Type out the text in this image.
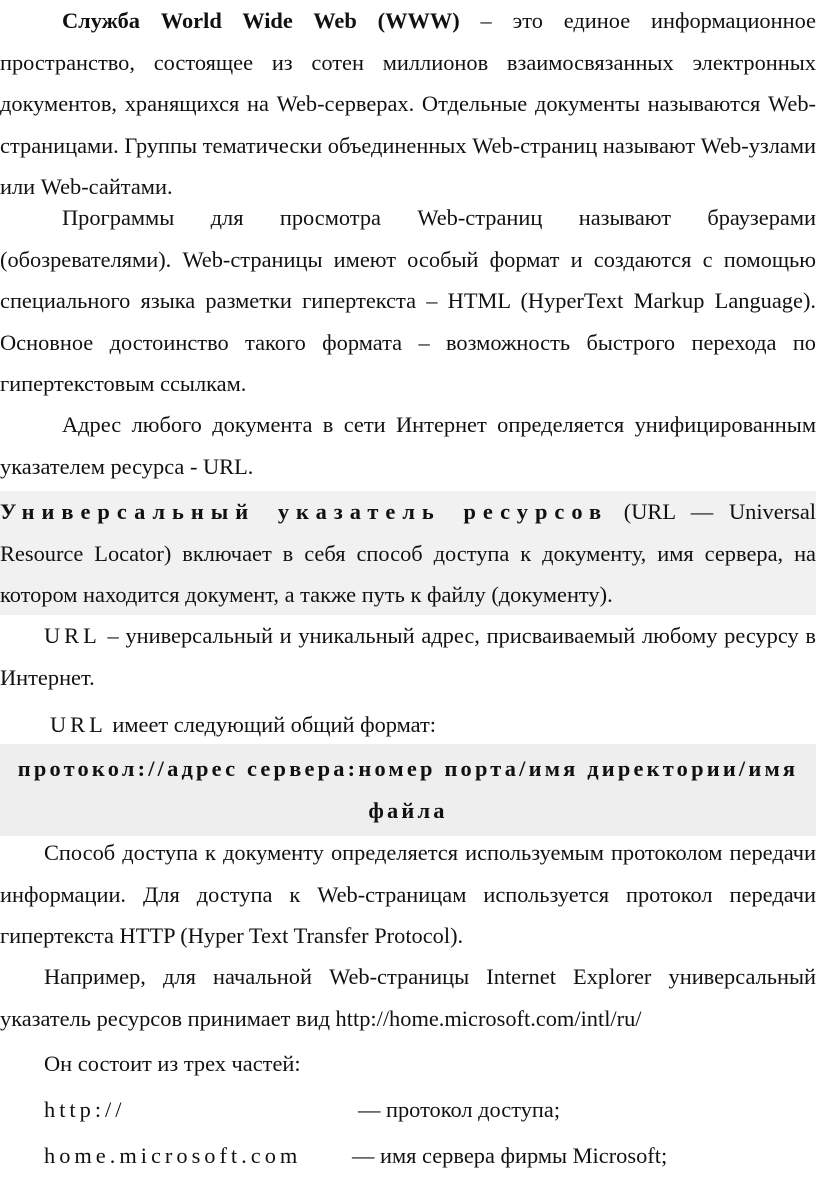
Служба World Wide Web (WWW) – это единое информационное пространство, состоящее из сотен миллионов взаимосвязанных электронных документов, хранящихся на Web-серверах. Отдельные документы называются Web-страницами. Группы тематически объединенных Web-страниц называют Web-узлами или Web-сайтами.

Программы для просмотра Web-страниц называют браузерами (обозревателями). Web-страницы имеют особый формат и создаются с помощью специального языка разметки гипертекста – HTML (HyperText Markup Language). Основное достоинство такого формата – возможность быстрого перехода по гипертекстовым ссылкам.

Адрес любого документа в сети Интернет определяется унифицированным указателем ресурса - URL.

Универсальный указатель ресурсов (URL — Universal Resource Locator) включает в себя способ доступа к документу, имя сервера, на котором находится документ, а также путь к файлу (документу).

URL – универсальный и уникальный адрес, присваиваемый любому ресурсу в Интернет.

URL имеет следующий общий формат:

протокол://адрес сервера:номер порта/имя директории/имя
файла

Способ доступа к документу определяется используемым протоколом передачи информации. Для доступа к Web-страницам используется протокол передачи гипертекста HTTP (Hyper Text Transfer Protocol).

Например, для начальной Web-страницы Internet Explorer универсальный указатель ресурсов принимает вид http://home.microsoft.com/intl/ru/

Он состоит из трех частей:

http://	— протокол доступа;
home.microsoft.com — имя сервера фирмы Microsoft;
